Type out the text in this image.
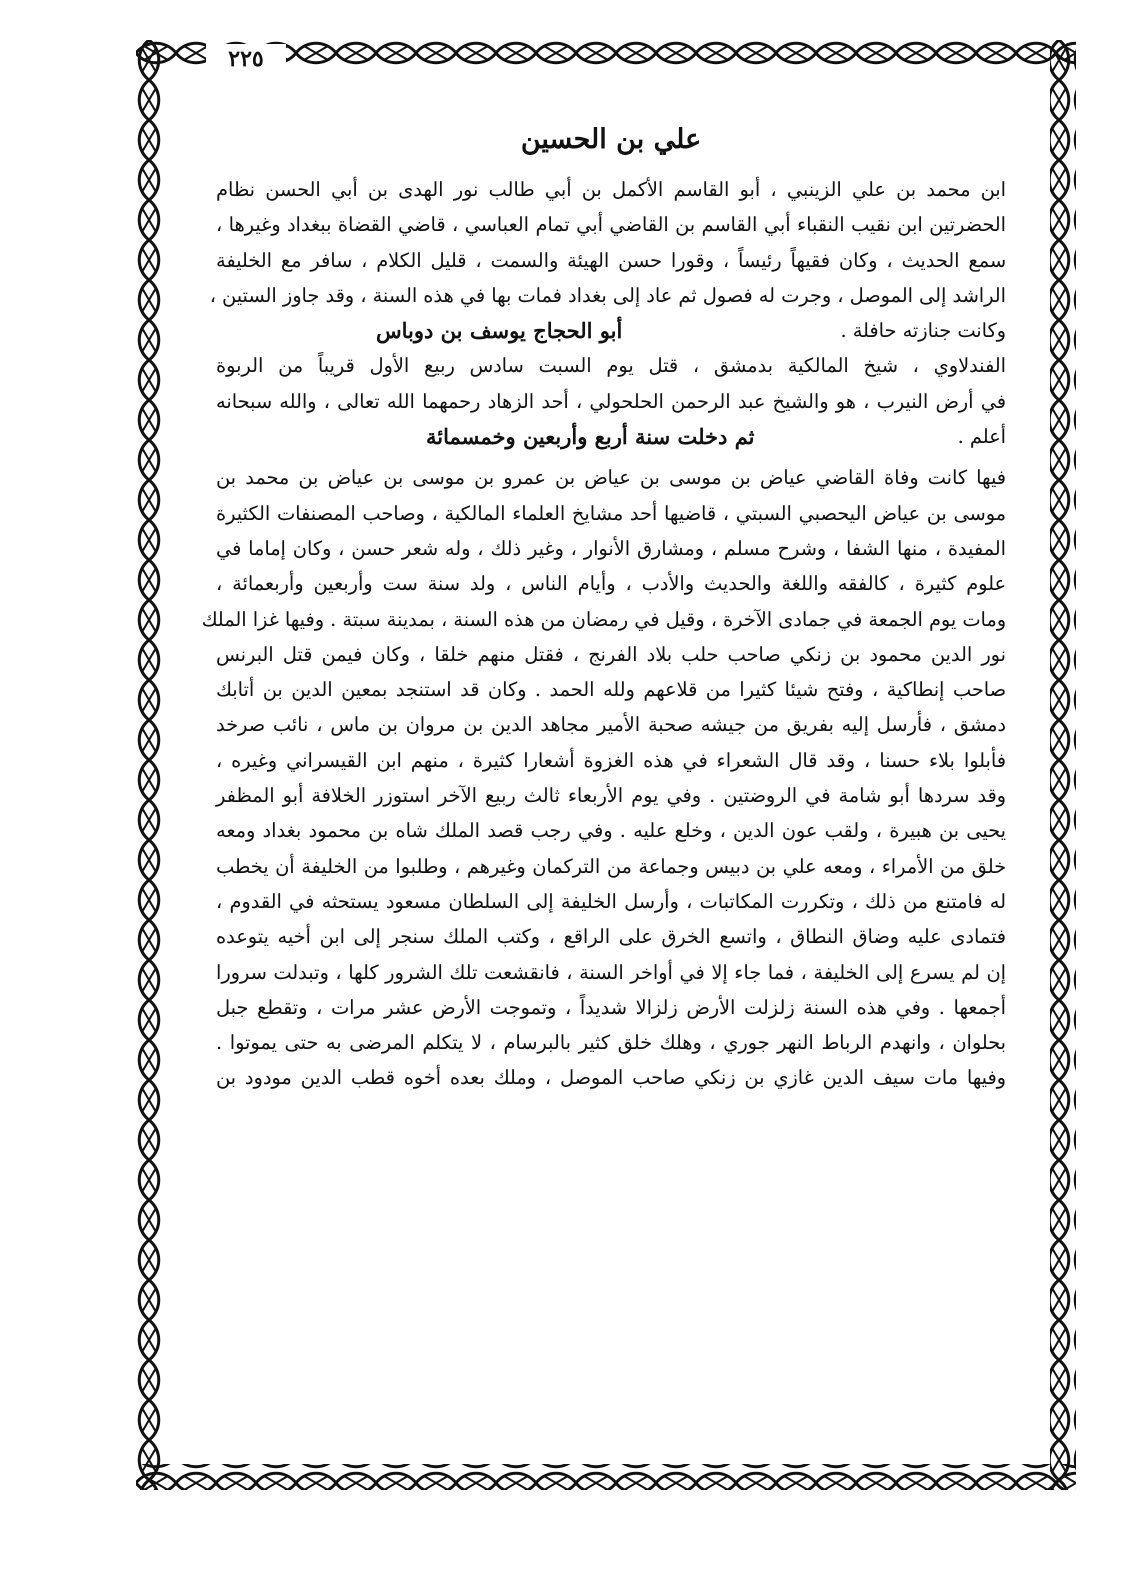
٢٢٥
علي بن الحسين
ابن محمد بن علي الزينبي ، أبو القاسم الأكمل بن أبي طالب نور الهدى بن أبي الحسن نظام
الحضرتين ابن نقيب النقباء أبي القاسم بن القاضي أبي تمام العباسي ، قاضي القضاة ببغداد وغيرها ،
سمع الحديث ، وكان فقيهاً رئيساً ، وقورا حسن الهيئة والسمت ، قليل الكلام ، سافر مع الخليفة
الراشد إلى الموصل ، وجرت له فصول ثم عاد إلى بغداد فمات بها في هذه السنة ، وقد جاوز الستين ،
وكانت جنازته حافلة .
أبو الحجاج يوسف بن دوباس
الفندلاوي ، شيخ المالكية بدمشق ، قتل يوم السبت سادس ربيع الأول قريباً من الربوة
في أرض النيرب ، هو والشيخ عبد الرحمن الحلحولي ، أحد الزهاد رحمهما الله تعالى ، والله سبحانه
أعلم .
ثم دخلت سنة أربع وأربعين وخمسمائة
فيها كانت وفاة القاضي عياض بن موسى بن عياض بن عمرو بن موسى بن عياض بن محمد بن
موسى بن عياض اليحصبي السبتي ، قاضيها أحد مشايخ العلماء المالكية ، وصاحب المصنفات الكثيرة
المفيدة ، منها الشفا ، وشرح مسلم ، ومشارق الأنوار ، وغير ذلك ، وله شعر حسن ، وكان إماما في
علوم كثيرة ، كالفقه واللغة والحديث والأدب ، وأيام الناس ، ولد سنة ست وأربعين وأربعمائة ،
ومات يوم الجمعة في جمادى الآخرة ، وقيل في رمضان من هذه السنة ، بمدينة سبتة . وفيها غزا الملك
نور الدين محمود بن زنكي صاحب حلب بلاد الفرنج ، فقتل منهم خلقا ، وكان فيمن قتل البرنس
صاحب إنطاكية ، وفتح شيئا كثيرا من قلاعهم ولله الحمد . وكان قد استنجد بمعين الدين بن أتابك
دمشق ، فأرسل إليه بفريق من جيشه صحبة الأمير مجاهد الدين بن مروان بن ماس ، نائب صرخد
فأبلوا بلاء حسنا ، وقد قال الشعراء في هذه الغزوة أشعارا كثيرة ، منهم ابن القيسراني وغيره ،
وقد سردها أبو شامة في الروضتين . وفي يوم الأربعاء ثالث ربيع الآخر استوزر الخلافة أبو المظفر
يحيى بن هبيرة ، ولقب عون الدين ، وخلع عليه . وفي رجب قصد الملك شاه بن محمود بغداد ومعه
خلق من الأمراء ، ومعه علي بن دبيس وجماعة من التركمان وغيرهم ، وطلبوا من الخليفة أن يخطب
له فامتنع من ذلك ، وتكررت المكاتبات ، وأرسل الخليفة إلى السلطان مسعود يستحثه في القدوم ،
فتمادى عليه وضاق النطاق ، واتسع الخرق على الراقع ، وكتب الملك سنجر إلى ابن أخيه يتوعده
إن لم يسرع إلى الخليفة ، فما جاء إلا في أواخر السنة ، فانقشعت تلك الشرور كلها ، وتبدلت سرورا
أجمعها . وفي هذه السنة زلزلت الأرض زلزالا شديداً ، وتموجت الأرض عشر مرات ، وتقطع جبل
بحلوان ، وانهدم الرباط النهر جوري ، وهلك خلق كثير بالبرسام ، لا يتكلم المرضى به حتى يموتوا .
وفيها مات سيف الدين غازي بن زنكي صاحب الموصل ، وملك بعده أخوه قطب الدين مودود بن
